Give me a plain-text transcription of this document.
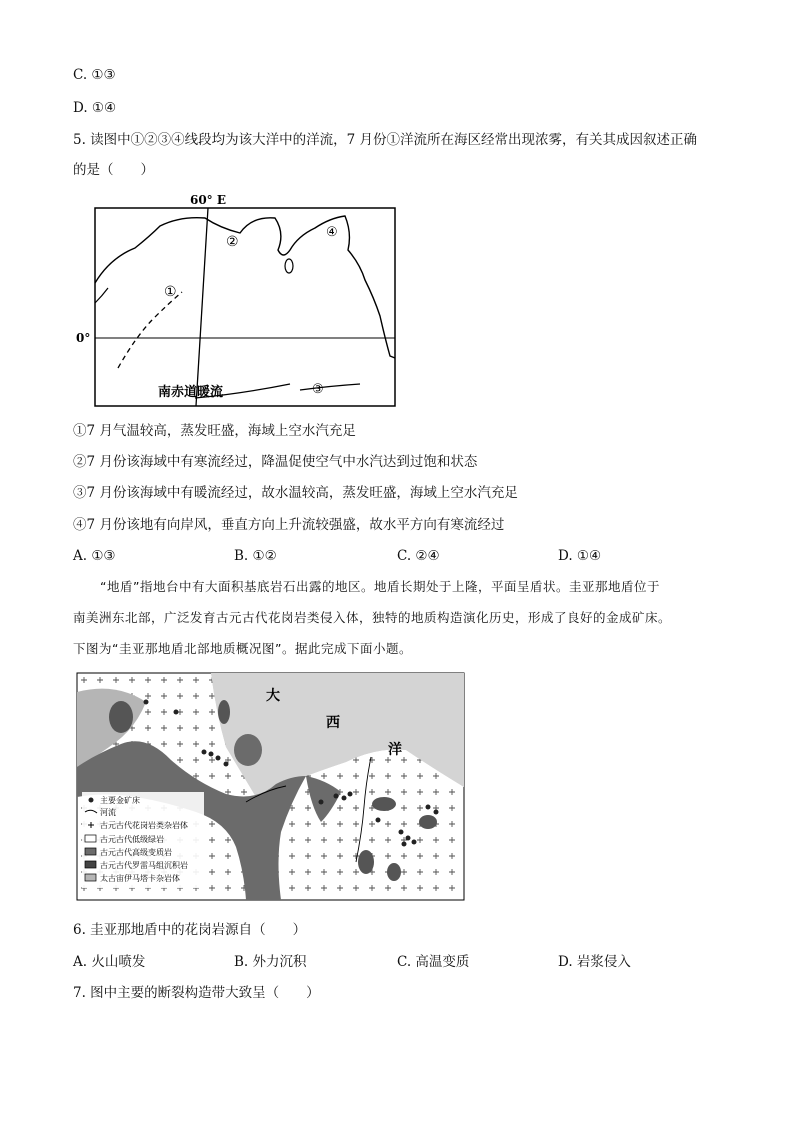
C. ①③
D. ①④
5. 读图中①②③④线段均为该大洋中的洋流，7 月份①洋流所在海区经常出现浓雾，有关其成因叙述正确
的是（　　）
60° E
0°
南赤道暖流
①
②
③
④
①7 月气温较高，蒸发旺盛，海域上空水汽充足
②7 月份该海域中有寒流经过，降温促使空气中水汽达到过饱和状态
③7 月份该海域中有暖流经过，故水温较高，蒸发旺盛，海域上空水汽充足
④7 月份该地有向岸风，垂直方向上升流较强盛，故水平方向有寒流经过
A. ①③	B. ①②	C. ②④	D. ①④
“地盾”指地台中有大面积基底岩石出露的地区。地盾长期处于上隆，平面呈盾状。圭亚那地盾位于
南美洲东北部，广泛发育古元古代花岗岩类侵入体，独特的地质构造演化历史，形成了良好的金成矿床。
下图为“圭亚那地盾北部地质概况图”。据此完成下面小题。
大
西
洋
主要金矿床
河流
古元古代花岗岩类杂岩体
古元古代低级绿岩
古元古代高级变质岩
古元古代罗雷马组沉积岩
太古宙伊马塔卡杂岩体
6. 圭亚那地盾中的花岗岩源自（　　）
A. 火山喷发	B. 外力沉积	C. 高温变质	D. 岩浆侵入
7. 图中主要的断裂构造带大致呈（　　）
